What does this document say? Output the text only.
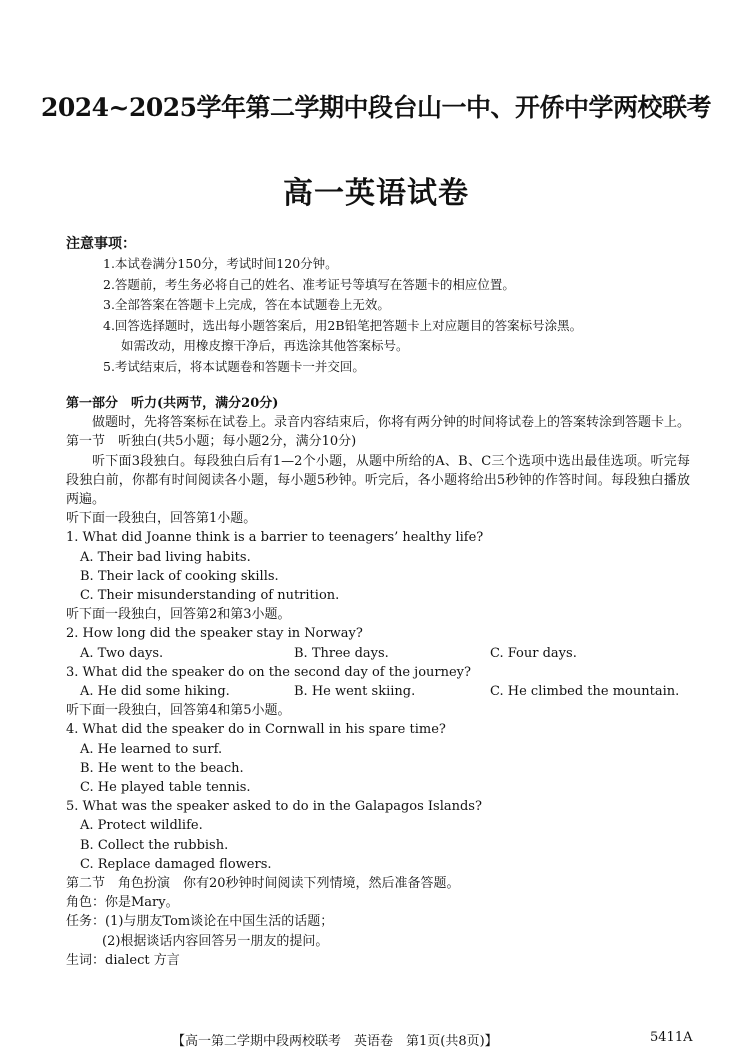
2024~2025学年第二学期中段台山一中、开侨中学两校联考
高一英语试卷
注意事项：
1.本试卷满分150分，考试时间120分钟。
2.答题前，考生务必将自己的姓名、准考证号等填写在答题卡的相应位置。
3.全部答案在答题卡上完成，答在本试题卷上无效。
4.回答选择题时，选出每小题答案后，用2B铅笔把答题卡上对应题目的答案标号涂黑。
如需改动，用橡皮擦干净后，再选涂其他答案标号。
5.考试结束后，将本试题卷和答题卡一并交回。
第一部分　听力(共两节，满分20分)
做题时，先将答案标在试卷上。录音内容结束后，你将有两分钟的时间将试卷上的答案转涂到答题卡上。
第一节　听独白(共5小题；每小题2分，满分10分)
听下面3段独白。每段独白后有1—2个小题，从题中所给的A、B、C三个选项中选出最佳选项。听完每段独白前，你都有时间阅读各小题，每小题5秒钟。听完后，各小题将给出5秒钟的作答时间。每段独白播放两遍。
听下面一段独白，回答第1小题。
1. What did Joanne think is a barrier to teenagers’ healthy life?
A. Their bad living habits.
B. Their lack of cooking skills.
C. Their misunderstanding of nutrition.
听下面一段独白，回答第2和第3小题。
2. How long did the speaker stay in Norway?
A. Two days.	B. Three days.	C. Four days.
3. What did the speaker do on the second day of the journey?
A. He did some hiking.	B. He went skiing.	C. He climbed the mountain.
听下面一段独白，回答第4和第5小题。
4. What did the speaker do in Cornwall in his spare time?
A. He learned to surf.
B. He went to the beach.
C. He played table tennis.
5. What was the speaker asked to do in the Galapagos Islands?
A. Protect wildlife.
B. Collect the rubbish.
C. Replace damaged flowers.
第二节　角色扮演　你有20秒钟时间阅读下列情境，然后准备答题。
角色：你是Mary。
任务：(1)与朋友Tom谈论在中国生活的话题；
(2)根据谈话内容回答另一朋友的提问。
生词：dialect 方言
【高一第二学期中段两校联考　英语卷　第1页(共8页)】	5411A
